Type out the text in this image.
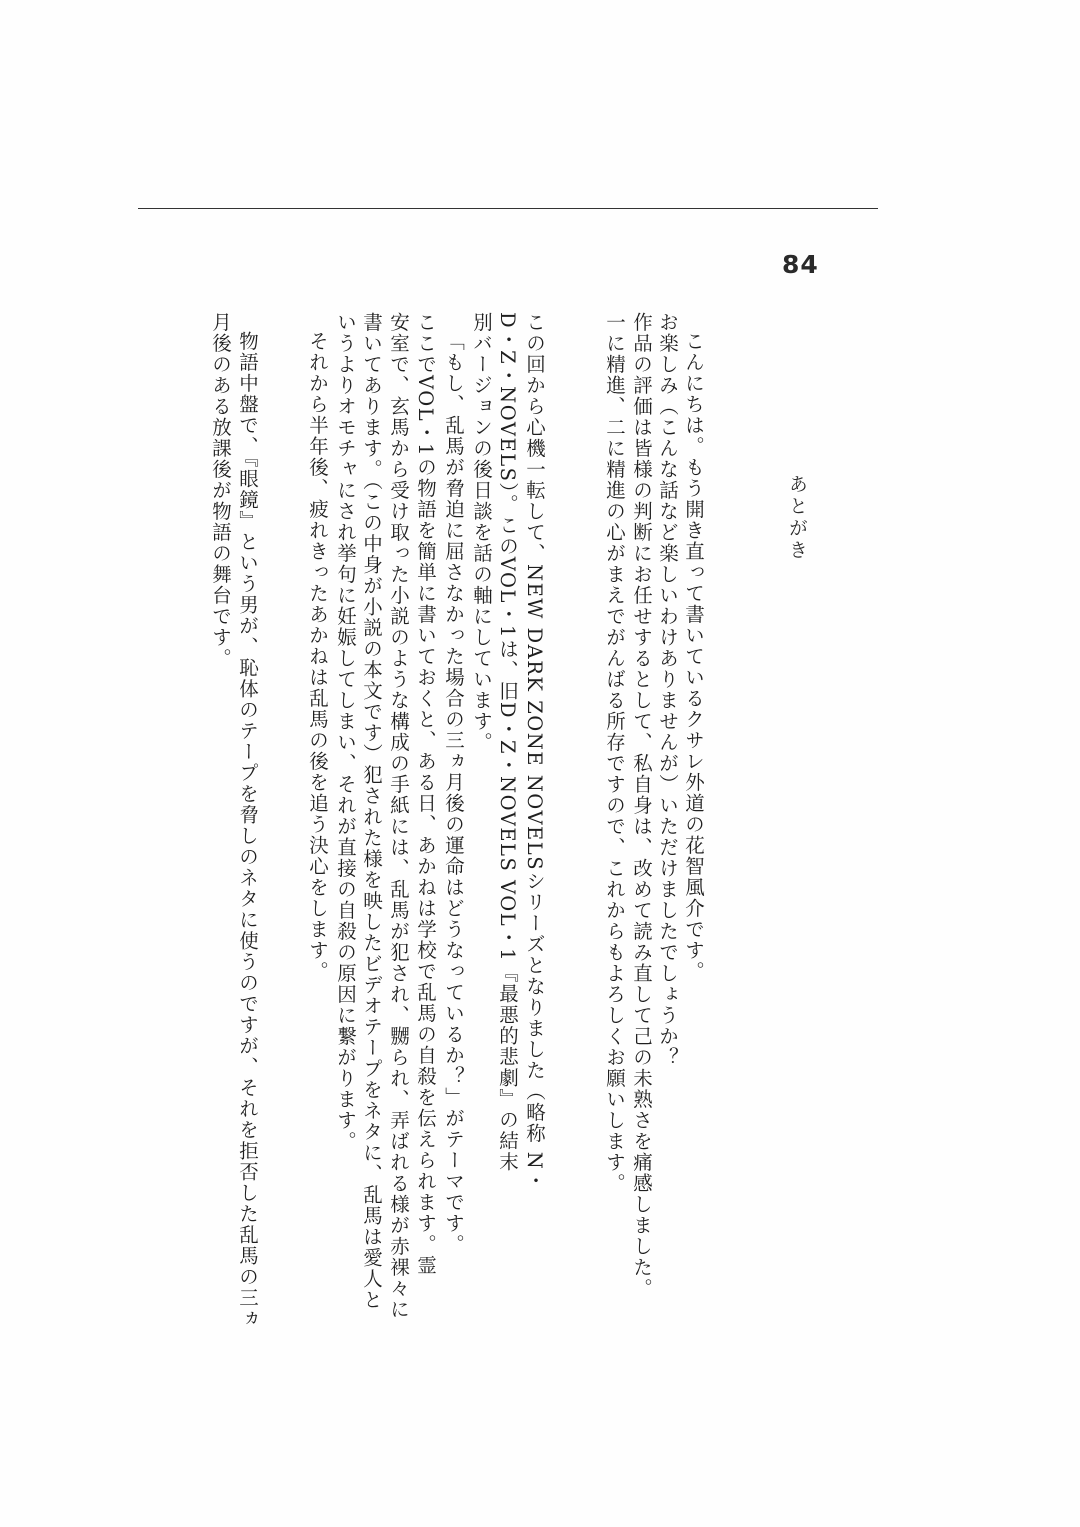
84
あとがき
こんにちは。もう開き直って書いているクサレ外道の花智風介です。
お楽しみ（こんな話など楽しいわけありませんが）いただけましたでしょうか？
作品の評価は皆様の判断にお任せするとして、私自身は、改めて読み直して己の未熟さを痛感しました。
一に精進、二に精進の心がまえでがんばる所存ですので、これからもよろしくお願いします。
この回から心機一転して、NEW DARK ZONE NOVELSシリーズとなりました（略称 N・
D・Z・NOVELS）。このVOL・1は、旧D・Z・NOVELS VOL・1『最悪的悲劇』の結末
別バージョンの後日談を話の軸にしています。
「もし、乱馬が脅迫に屈さなかった場合の三ヵ月後の運命はどうなっているか？」がテーマです。
ここでVOL・1の物語を簡単に書いておくと、ある日、あかねは学校で乱馬の自殺を伝えられます。霊
安室で、玄馬から受け取った小説のような構成の手紙には、乱馬が犯され、嬲られ、弄ばれる様が赤裸々に
書いてあります。（この中身が小説の本文です）犯された様を映したビデオテープをネタに、乱馬は愛人と
いうよりオモチャにされ挙句に妊娠してしまい、それが直接の自殺の原因に繋がります。
それから半年後、疲れきったあかねは乱馬の後を追う決心をします。
物語中盤で、『眼鏡』という男が、恥体のテープを脅しのネタに使うのですが、それを拒否した乱馬の三ヵ
月後のある放課後が物語の舞台です。
